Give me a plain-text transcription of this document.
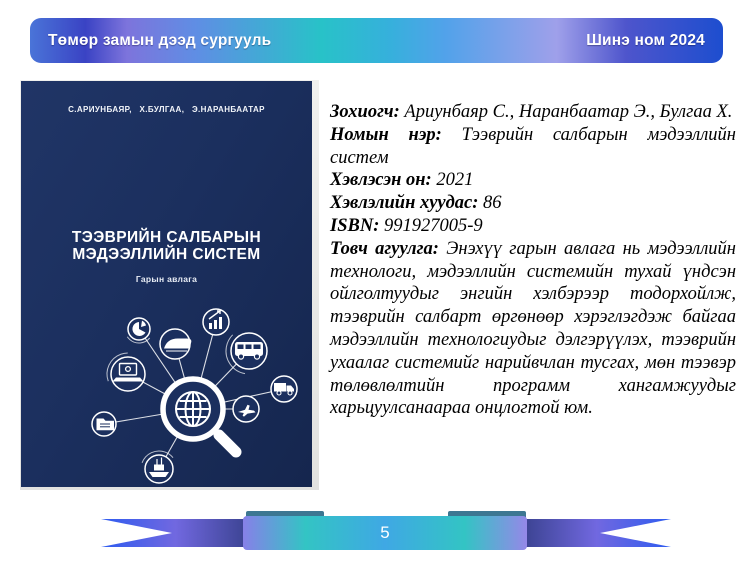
Төмөр замын дээд сургууль	Шинэ ном 2024
С.АРИУНБАЯР, Х.БУЛГАА, Э.НАРАНБААТАР
ТЭЭВРИЙН САЛБАРЫН
МЭДЭЭЛЛИЙН СИСТЕМ
Гарын авлага

Зохиогч: Ариунбаяр С., Наранбаатар Э., Булгаа Х.

Номын нэр: Тээврийн салбарын мэдээллийн систем

Хэвлэсэн он: 2021

Хэвлэлийн хуудас: 86

ISBN: 991927005-9

Товч агуулга: Энэхүү гарын авлага нь мэдээллийн технологи, мэдээллийн системийн тухай үндсэн ойлголтуудыг энгийн хэлбэрээр тодорхойлж, тээврийн салбарт өргөнөөр хэрэглэгдэж байгаа мэдээллийн технологиудыг дэлгэрүүлэх, тээврийн ухаалаг системийг нарийвчлан тусгах, мөн тээвэр төлөвлөлтийн программ хангамжуудыг харьцуулсанаараа онцлогтой юм.

5
